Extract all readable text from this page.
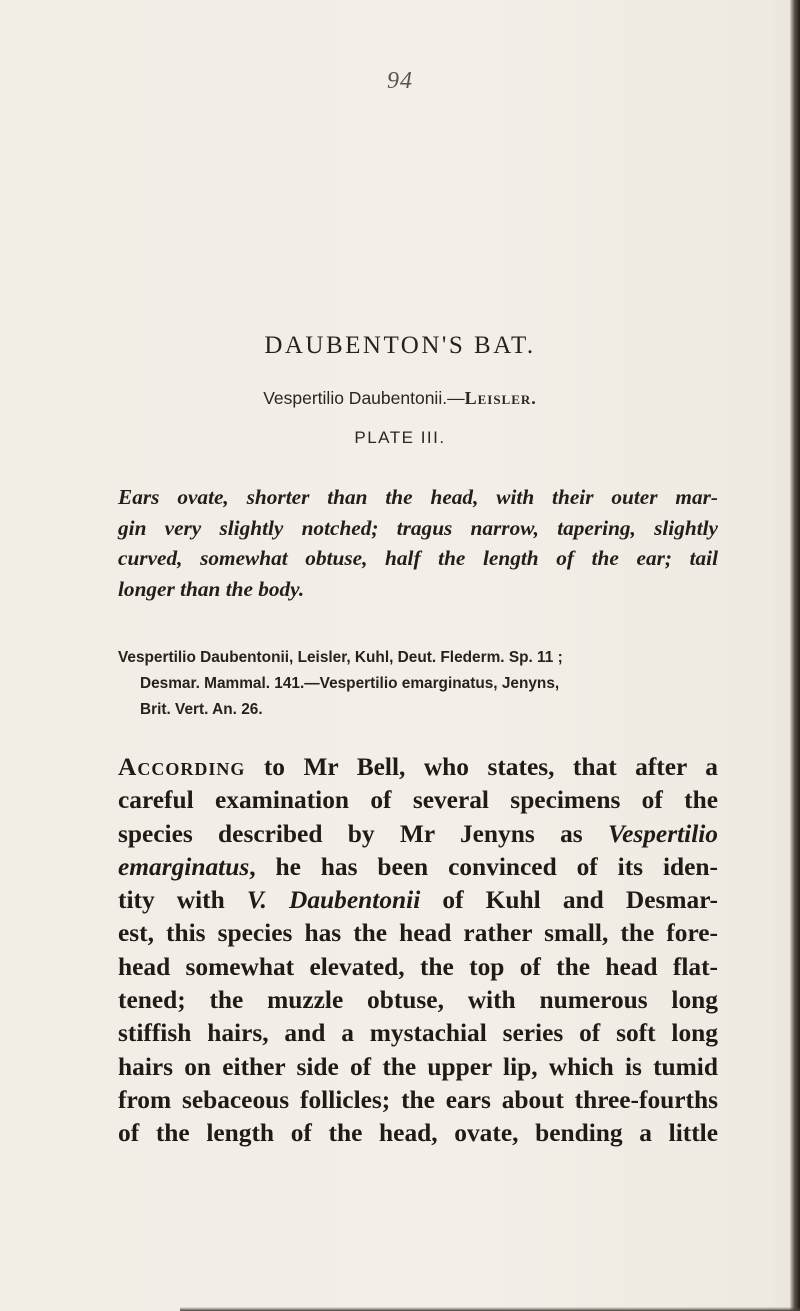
94
DAUBENTON'S BAT.
Vespertilio Daubentonii.—Leisler.
PLATE III.

Ears ovate, shorter than the head, with their outer mar-

gin very slightly notched; tragus narrow, tapering, slightly

curved, somewhat obtuse, half the length of the ear; tail

longer than the body.

Vespertilio Daubentonii, Leisler, Kuhl, Deut. Flederm. Sp. 11 ;
Desmar. Mammal. 141.—Vespertilio emarginatus, Jenyns,
Brit. Vert. An. 26.
According to Mr Bell, who states, that after a
careful examination of several specimens of the
species described by Mr Jenyns as Vespertilio
emarginatus, he has been convinced of its iden-
tity with V. Daubentonii of Kuhl and Desmar-
est, this species has the head rather small, the fore-
head somewhat elevated, the top of the head flat-
tened; the muzzle obtuse, with numerous long
stiffish hairs, and a mystachial series of soft long
hairs on either side of the upper lip, which is tumid
from sebaceous follicles; the ears about three-fourths
of the length of the head, ovate, bending a little
